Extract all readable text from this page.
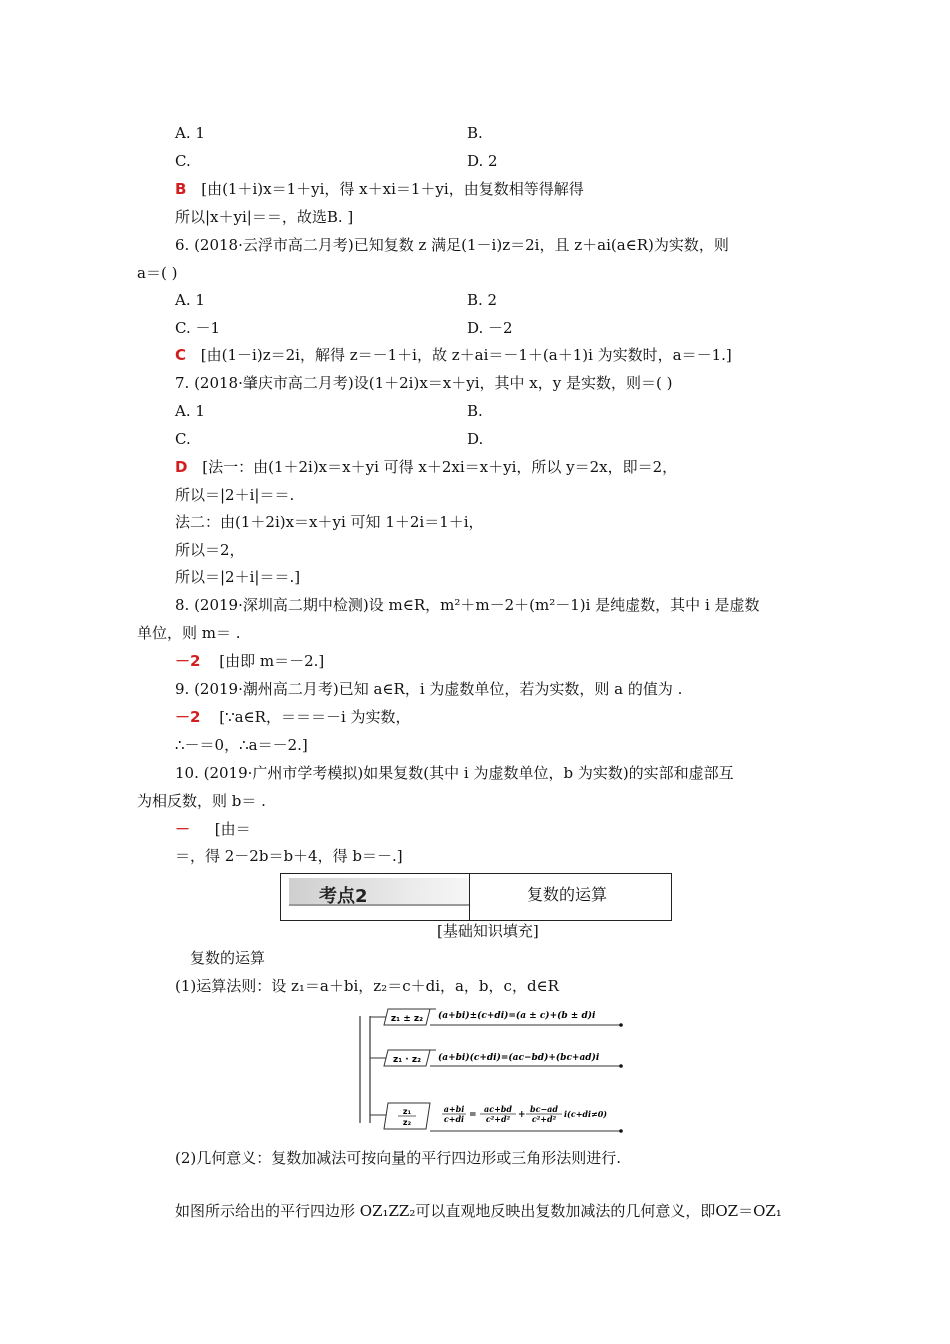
A. 1	B.
C.	D. 2
B [由(1＋i)x＝1＋yi，得 x＋xi＝1＋yi，由复数相等得解得
所以|x＋yi|＝＝，故选B. ]
6. (2018·云浮市高二月考)已知复数 z 满足(1－i)z＝2i，且 z＋ai(a∈R)为实数，则
a＝( )
A. 1	B. 2
C. －1	D. －2
C [由(1－i)z＝2i，解得 z＝－1＋i，故 z＋ai＝－1＋(a＋1)i 为实数时，a＝－1.]
7. (2018·肇庆市高二月考)设(1＋2i)x＝x＋yi，其中 x，y 是实数，则＝( )
A. 1	B.
C.	D.
D [法一：由(1＋2i)x＝x＋yi 可得 x＋2xi＝x＋yi，所以 y＝2x，即＝2，
所以＝|2＋i|＝＝.
法二：由(1＋2i)x＝x＋yi 可知 1＋2i＝1＋i，
所以＝2，
所以＝|2＋i|＝＝.]
8. (2019·深圳高二期中检测)设 m∈R，m²＋m－2＋(m²－1)i 是纯虚数，其中 i 是虚数
单位，则 m＝ .
－2 [由即 m＝－2.]
9. (2019·潮州高二月考)已知 a∈R，i 为虚数单位，若为实数，则 a 的值为 .
－2 [∵a∈R，＝＝＝－i 为实数，
∴－＝0，∴a＝－2.]
10. (2019·广州市学考模拟)如果复数(其中 i 为虚数单位，b 为实数)的实部和虚部互
为相反数，则 b＝ .
－ [由＝
＝，得 2－2b＝b＋4，得 b＝－.]
考点2	复数的运算
[基础知识填充]
复数的运算
(1)运算法则：设 z₁＝a＋bi，z₂＝c＋di，a，b，c，d∈R
z₁ ± z₂ (a+bi)±(c+di)=(a ± c)+(b ± d)i
z₁ · z₂ (a+bi)(c+di)=(ac−bd)+(bc+ad)i
z₁
z₂
a+bi
c+di =
ac+bd
c²+d² +
bc−ad
c²+d² i(c+di≠0)
(2)几何意义：复数加减法可按向量的平行四边形或三角形法则进行.
如图所示给出的平行四边形 OZ₁ZZ₂可以直观地反映出复数加减法的几何意义，即OZ＝OZ₁
